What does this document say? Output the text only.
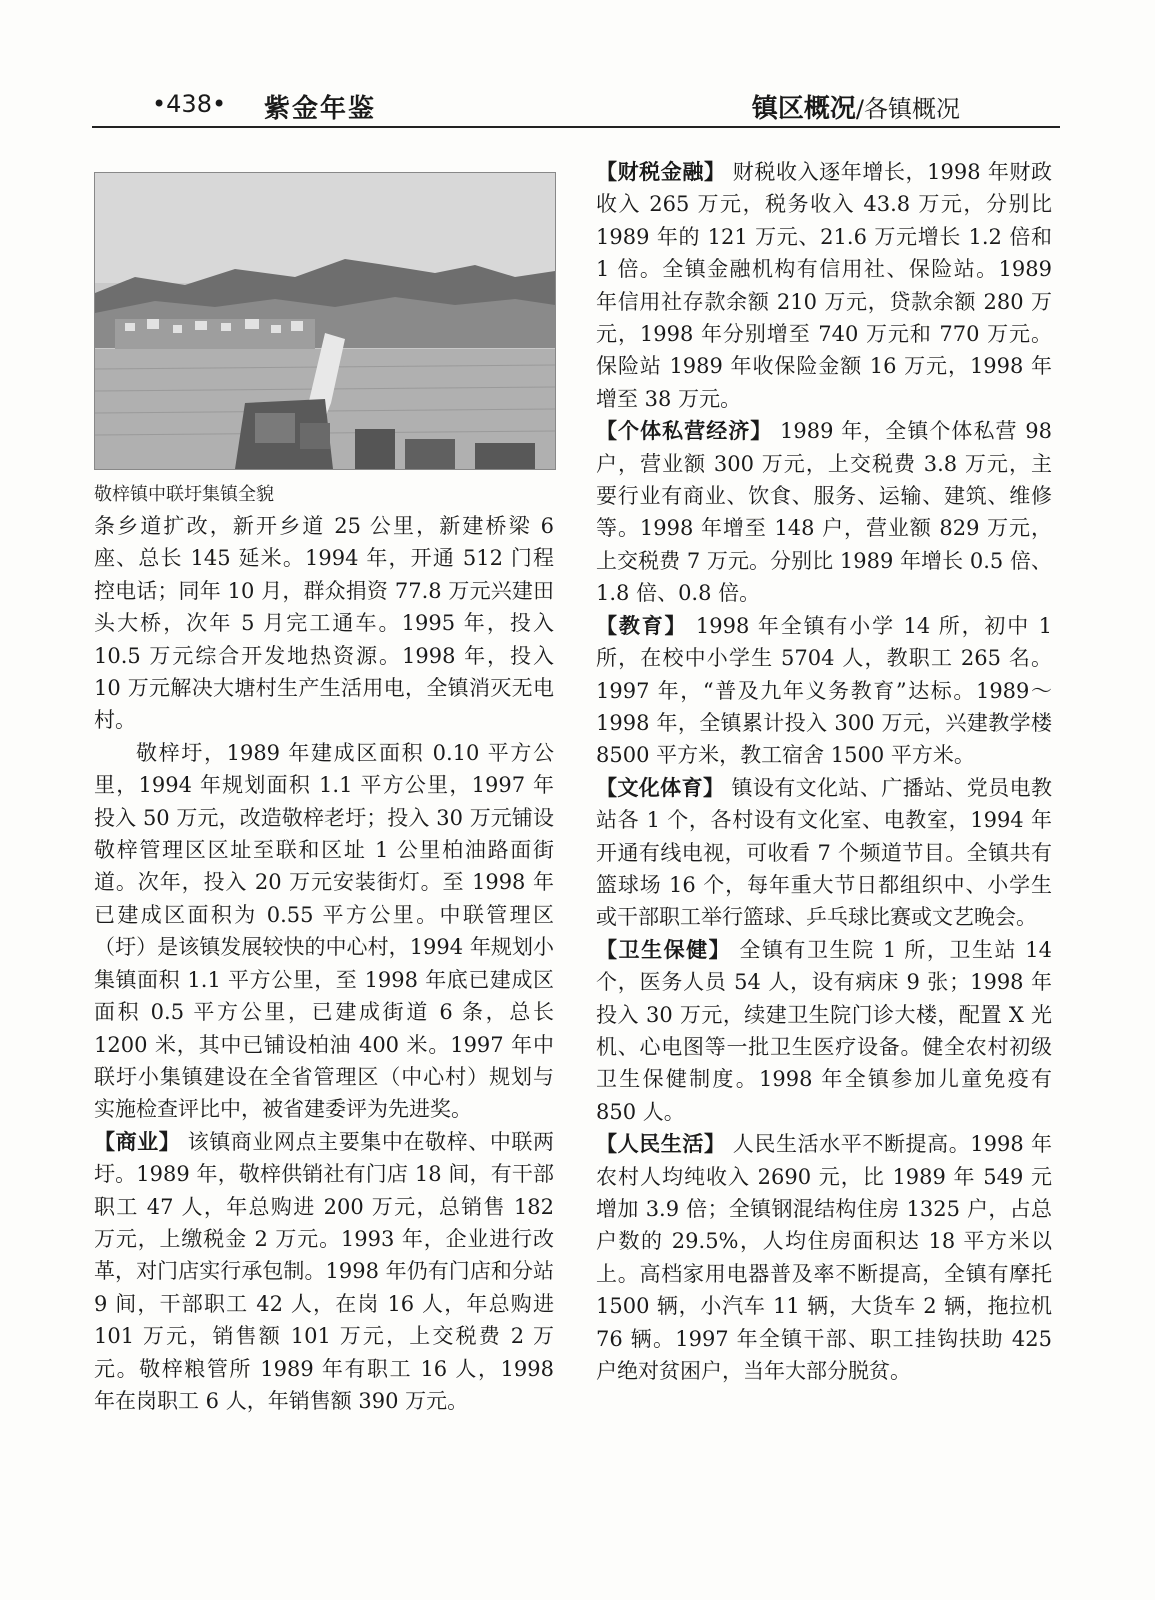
•438• 紫金年鉴	镇区概况/各镇概况
敬梓镇中联圩集镇全貌

条乡道扩改，新开乡道 25 公里，新建桥梁 6 座、总长 145 延米。1994 年，开通 512 门程控电话；同年 10 月，群众捐资 77.8 万元兴建田头大桥，次年 5 月完工通车。1995 年，投入 10.5 万元综合开发地热资源。1998 年，投入 10 万元解决大塘村生产生活用电，全镇消灭无电村。

敬梓圩，1989 年建成区面积 0.10 平方公里，1994 年规划面积 1.1 平方公里，1997 年投入 50 万元，改造敬梓老圩；投入 30 万元铺设敬梓管理区区址至联和区址 1 公里柏油路面街道。次年，投入 20 万元安装街灯。至 1998 年已建成区面积为 0.55 平方公里。中联管理区（圩）是该镇发展较快的中心村，1994 年规划小集镇面积 1.1 平方公里，至 1998 年底已建成区面积 0.5 平方公里，已建成街道 6 条，总长 1200 米，其中已铺设柏油 400 米。1997 年中联圩小集镇建设在全省管理区（中心村）规划与实施检查评比中，被省建委评为先进奖。

【商业】 该镇商业网点主要集中在敬梓、中联两圩。1989 年，敬梓供销社有门店 18 间，有干部职工 47 人，年总购进 200 万元，总销售 182 万元，上缴税金 2 万元。1993 年，企业进行改革，对门店实行承包制。1998 年仍有门店和分站 9 间，干部职工 42 人，在岗 16 人，年总购进 101 万元，销售额 101 万元，上交税费 2 万元。敬梓粮管所 1989 年有职工 16 人，1998 年在岗职工 6 人，年销售额 390 万元。

【财税金融】 财税收入逐年增长，1998 年财政收入 265 万元，税务收入 43.8 万元，分别比 1989 年的 121 万元、21.6 万元增长 1.2 倍和 1 倍。全镇金融机构有信用社、保险站。1989 年信用社存款余额 210 万元，贷款余额 280 万元，1998 年分别增至 740 万元和 770 万元。保险站 1989 年收保险金额 16 万元，1998 年增至 38 万元。

【个体私营经济】 1989 年，全镇个体私营 98 户，营业额 300 万元，上交税费 3.8 万元，主要行业有商业、饮食、服务、运输、建筑、维修等。1998 年增至 148 户，营业额 829 万元，上交税费 7 万元。分别比 1989 年增长 0.5 倍、1.8 倍、0.8 倍。

【教育】 1998 年全镇有小学 14 所，初中 1 所，在校中小学生 5704 人，教职工 265 名。1997 年，“普及九年义务教育”达标。1989～1998 年，全镇累计投入 300 万元，兴建教学楼 8500 平方米，教工宿舍 1500 平方米。

【文化体育】 镇设有文化站、广播站、党员电教站各 1 个，各村设有文化室、电教室，1994 年开通有线电视，可收看 7 个频道节目。全镇共有篮球场 16 个，每年重大节日都组织中、小学生或干部职工举行篮球、乒乓球比赛或文艺晚会。

【卫生保健】 全镇有卫生院 1 所，卫生站 14 个，医务人员 54 人，设有病床 9 张；1998 年投入 30 万元，续建卫生院门诊大楼，配置 X 光机、心电图等一批卫生医疗设备。健全农村初级卫生保健制度。1998 年全镇参加儿童免疫有 850 人。

【人民生活】 人民生活水平不断提高。1998 年农村人均纯收入 2690 元，比 1989 年 549 元增加 3.9 倍；全镇钢混结构住房 1325 户，占总户数的 29.5%，人均住房面积达 18 平方米以上。高档家用电器普及率不断提高，全镇有摩托 1500 辆，小汽车 11 辆，大货车 2 辆，拖拉机 76 辆。1997 年全镇干部、职工挂钩扶助 425 户绝对贫困户，当年大部分脱贫。
